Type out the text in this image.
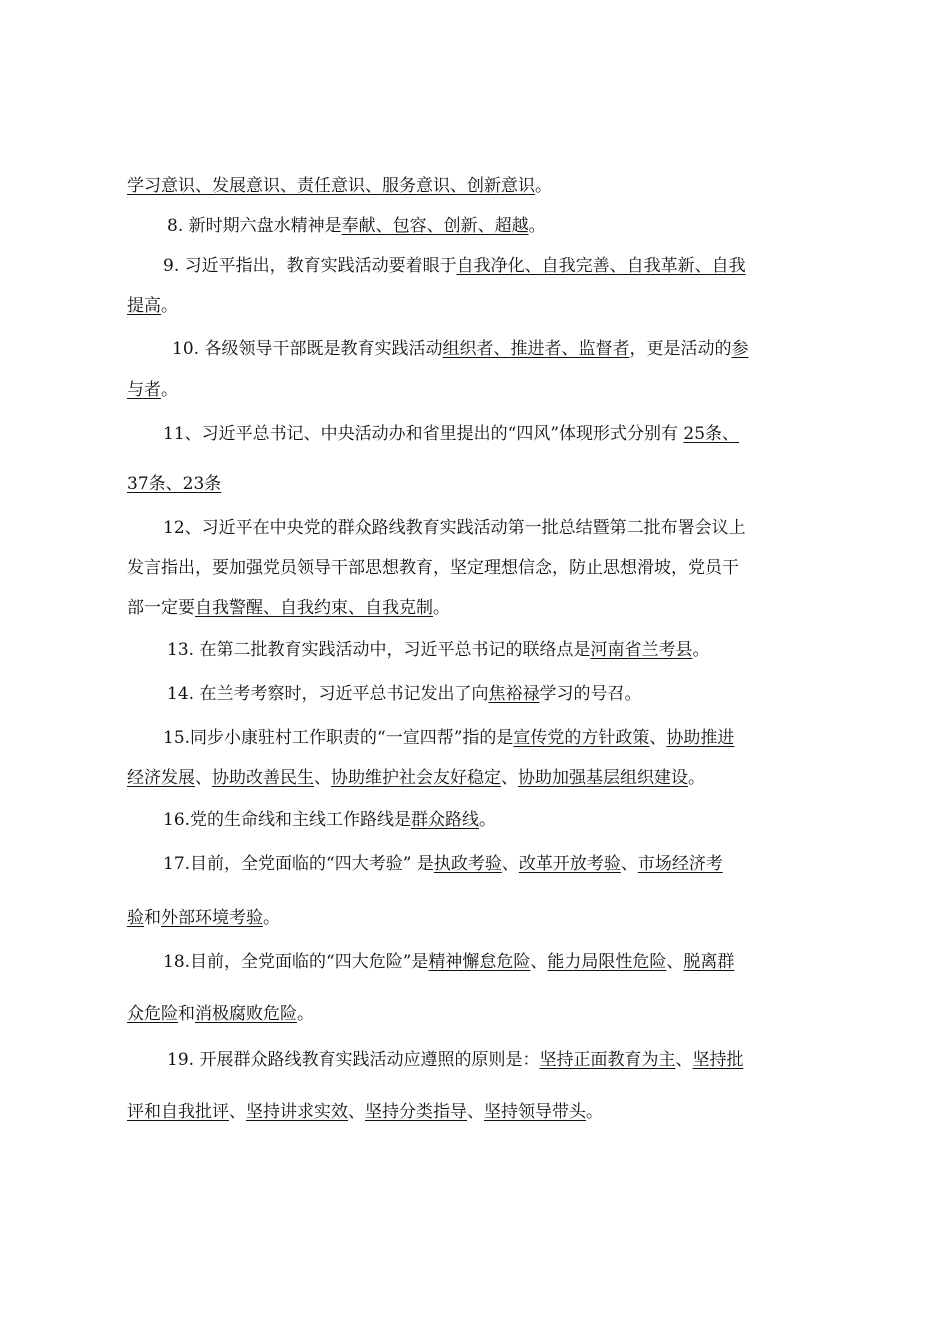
学习意识、发展意识、责任意识、服务意识、创新意识。
8. 新时期六盘水精神是奉献、包容、创新、超越。
9. 习近平指出，教育实践活动要着眼于自我净化、自我完善、自我革新、自我
提高。
10. 各级领导干部既是教育实践活动组织者、推进者、监督者，更是活动的参
与者。
11、习近平总书记、中央活动办和省里提出的“四风”体现形式分别有 25条、
37条、23条
12、习近平在中央党的群众路线教育实践活动第一批总结暨第二批布署会议上
发言指出，要加强党员领导干部思想教育，坚定理想信念，防止思想滑坡，党员干
部一定要自我警醒、自我约束、自我克制。
13. 在第二批教育实践活动中，习近平总书记的联络点是河南省兰考县。
14. 在兰考考察时，习近平总书记发出了向焦裕禄学习的号召。
15.同步小康驻村工作职责的“一宣四帮”指的是宣传党的方针政策、协助推进
经济发展、协助改善民生、协助维护社会友好稳定、协助加强基层组织建设。
16.党的生命线和主线工作路线是群众路线。
17.目前，全党面临的“四大考验” 是执政考验、改革开放考验、市场经济考
验和外部环境考验。
18.目前，全党面临的“四大危险”是精神懈怠危险、能力局限性危险、脱离群
众危险和消极腐败危险。
19. 开展群众路线教育实践活动应遵照的原则是：坚持正面教育为主、坚持批
评和自我批评、坚持讲求实效、坚持分类指导、坚持领导带头。
